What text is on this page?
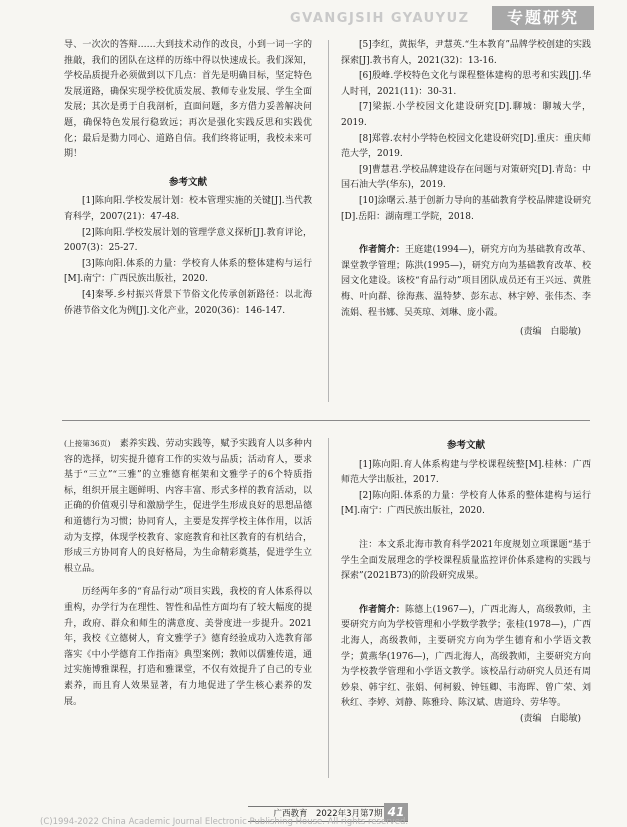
GVANGJSIH GYAUYUZ	专题研究

导、一次次的答辩……大到技术动作的改良，小到一词一字的推敲，我们的团队在这样的历练中得以快速成长。我们深知，学校品质提升必须做到以下几点：首先是明确目标，坚定特色发展道路，确保实现学校优质发展、教师专业发展、学生全面发展；其次是勇于自我剖析，直面问题，多方借力妥善解决问题，确保特色发展行稳致远；再次是强化实践反思和实践优化；最后是勠力同心、道路自信。我们终将证明，我校未来可期！

参考文献

[1]陈向阳.学校发展计划：校本管理实施的关键[J].当代教育科学，2007(21)：47-48.

[2]陈向阳.学校发展计划的管理学意义探析[J].教育评论，2007(3)：25-27.

[3]陈向阳.体系的力量：学校育人体系的整体建构与运行[M].南宁：广西民族出版社，2020.

[4]秦琴.乡村振兴背景下节俗文化传承创新路径：以北海侨港节俗文化为例[J].文化产业，2020(36)：146-147.

[5]李红，黄振华，尹慧英.“生本教育”品牌学校创建的实践探索[J].教书育人，2021(32)：13-16.

[6]殷峰.学校特色文化与课程整体建构的思考和实践[J].华人时刊，2021(11)：30-31.

[7]梁振.小学校园文化建设研究[D].聊城：聊城大学，2019.

[8]郑蓉.农村小学特色校园文化建设研究[D].重庆：重庆师范大学，2019.

[9]曹慧君.学校品牌建设存在问题与对策研究[D].青岛：中国石油大学(华东)，2019.

[10]涂曙云.基于创新力导向的基础教育学校品牌建设研究[D].岳阳：湖南理工学院，2018.

作者简介：王庭建(1994—)，研究方向为基础教育改革、课堂教学管理；陈洪(1995—)，研究方向为基础教育改革、校园文化建设。该校“育品行动”项目团队成员还有王兴远、黄胜梅、叶向群、徐海燕、温特梦、彭东志、林宇婷、张伟杰、李流娟、程书娜、吴英琼、刘琳、庞小霞。

(责编　白聪敏)

(上接第36页)　 素养实践、劳动实践等，赋予实践育人以多种内容的选择，切实提升德育工作的实效与品质；活动育人，要求基于“三立”“三雅”的立雅德育框架和文雅学子的6个特质指标，组织开展主题鲜明、内容丰富、形式多样的教育活动，以正确的价值观引导和激励学生，促进学生形成良好的思想品德和道德行为习惯；协同育人，主要是发挥学校主体作用，以活动为支撑，体现学校教育、家庭教育和社区教育的有机结合，形成三方协同育人的良好格局，为生命精彩奠基，促进学生立根立品。

历经两年多的“育品行动”项目实践，我校的育人体系得以重构，办学行为在理性、智性和品性方面均有了较大幅度的提升，政府、群众和师生的满意度、美誉度进一步提升。2021年，我校《立德树人，育文雅学子》德育经验成功入选教育部落实《中小学德育工作指南》典型案例；教师以儒雅传道，通过实施博雅课程，打造和雅课堂，不仅有效提升了自己的专业素养，而且育人效果显著，有力地促进了学生核心素养的发展。

参考文献

[1]陈向阳.育人体系构建与学校课程统整[M].桂林：广西师范大学出版社，2017.

[2]陈向阳.体系的力量：学校育人体系的整体建构与运行[M].南宁：广西民族出版社，2020.

注：本文系北海市教育科学2021年度规划立项课题“基于学生全面发展理念的学校课程质量监控评价体系建构的实践与探索”(2021B73)的阶段研究成果。

作者简介：陈德上(1967—)，广西北海人，高级教师，主要研究方向为学校管理和小学数学教学；张桂(1978—)，广西北海人，高级教师，主要研究方向为学生德育和小学语文教学；黄燕华(1976—)，广西北海人，高级教师，主要研究方向为学校教学管理和小学语文教学。该校品行动研究人员还有周妙泉、韩宇红、张娟、何柯毅、钟钰卿、韦海晖、曾广荣、刘秋红、李婷、刘静、陈雅玲、陈汉斌、唐道玲、劳华等。

(责编　白聪敏)

广西教育　2022年3月第7期 41
(C)1994-2022 China Academic Journal Electronic Publishing House. All rights reserved.
